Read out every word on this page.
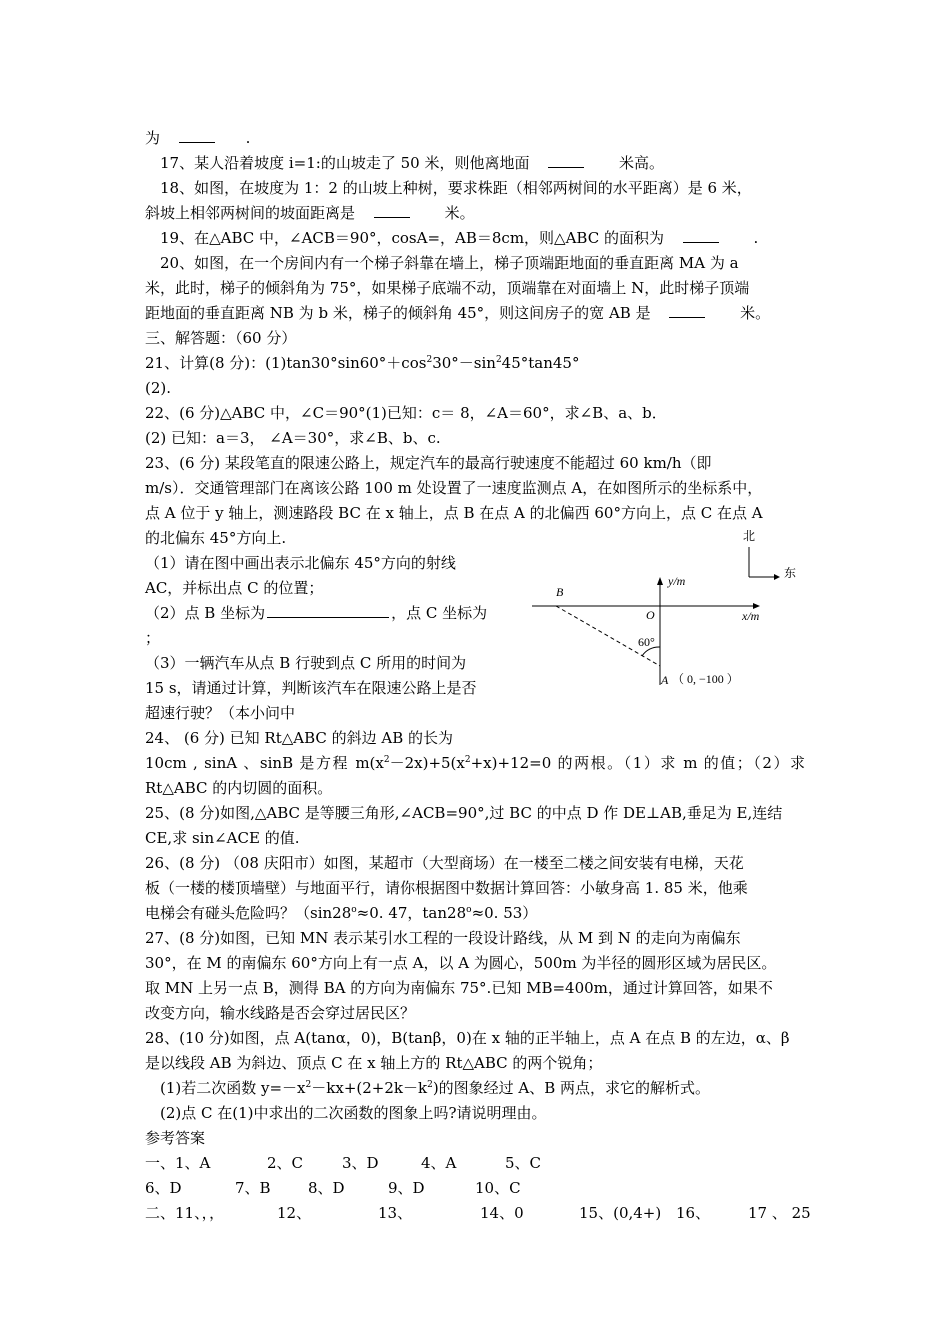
为	.
17、某人沿着坡度 i=1:的山坡走了 50 米，则他离地面	米高。
18、如图，在坡度为 1：2 的山坡上种树，要求株距（相邻两树间的水平距离）是 6 米，
斜坡上相邻两树间的坡面距离是	米。
19、在△ABC 中，∠ACB＝90°，cosA=，AB＝8cm，则△ABC 的面积为	.
20、如图，在一个房间内有一个梯子斜靠在墙上，梯子顶端距地面的垂直距离 MA 为 a
米，此时，梯子的倾斜角为 75°，如果梯子底端不动，顶端靠在对面墙上 N，此时梯子顶端
距地面的垂直距离 NB 为 b 米，梯子的倾斜角 45°，则这间房子的宽 AB 是	米。
三、解答题：（60 分）
21、计算(8 分)：$(1)\tan 30^\circ\sin 60^\circ+\cos^230^\circ-\sin^245^\circ\tan 45^\circ$
(2).
22、(6 分)△ABC 中，∠C＝90°(1)已知：c＝ 8，∠A＝60°，求∠B、a、b．
(2) 已知：a＝3， ∠A＝30°，求∠B、b、c.
23、(6 分) 某段笔直的限速公路上，规定汽车的最高行驶速度不能超过 60 km/h（即
m/s）．交通管理部门在离该公路 100 m 处设置了一速度监测点 A，在如图所示的坐标系中，
点 A 位于 y 轴上，测速路段 BC 在 x 轴上，点 B 在点 A 的北偏西 60°方向上，点 C 在点 A
的北偏东 45°方向上.
（1）请在图中画出表示北偏东 45°方向的射线
AC，并标出点 C 的位置；
（2）点 B 坐标为	，点 C 坐标为
；
（3）一辆汽车从点 B 行驶到点 C 所用的时间为
15 s，请通过计算，判断该汽车在限速公路上是否
超速行驶？（本小问中
北
东
y/m
x/m
B
O
60°
A （ 0, −100 ）
24、 (6 分) 已知 Rt△ABC 的斜边 AB 的长为
10cm , sinA 、sinB 是方程 $m(x^2-2x)+5(x^2+x)+12=0$ 的两根。（1）求 m 的值；（2）求
Rt△ABC 的内切圆的面积。
25、(8 分)如图,△ABC 是等腰三角形,∠ACB=90°,过 BC 的中点 D 作 DE⊥AB,垂足为 E,连结
CE,求 sin∠ACE 的值.
26、(8 分) （08 庆阳市）如图，某超市（大型商场）在一楼至二楼之间安装有电梯，天花
板（一楼的楼顶墙壁）与地面平行，请你根据图中数据计算回答：小敏身高 1. 85 米，他乘
电梯会有碰头危险吗？（$\sin 28^o\approx 0$. 47，$\tan 28^o\approx 0$. 53）
27、(8 分)如图，已知 MN 表示某引水工程的一段设计路线，从 M 到 N 的走向为南偏东
30°，在 M 的南偏东 60°方向上有一点 A，以 A 为圆心，500m 为半径的圆形区域为居民区。
取 MN 上另一点 B，测得 BA 的方向为南偏东 75°.已知 MB=400m，通过计算回答，如果不
改变方向，输水线路是否会穿过居民区？
28、(10 分)如图，点 A(tanα，0)，B(tanβ，0)在 x 轴的正半轴上，点 A 在点 B 的左边，α、β
是以线段 AB 为斜边、顶点 C 在 x 轴上方的 Rt△ABC 的两个锐角；
(1)若二次函数 $y=-x^2-kx+(2+2k-k^2)$的图象经过 A、B 两点，求它的解析式。
(2)点 C 在(1)中求出的二次函数的图象上吗?请说明理由。
参考答案
一、1、A	2、C	3、D	4、A	5、C
6、D	7、B 8、D	9、D	10、C
二、11、，，	12、	13、	14、0	15、(0,4+) 16、	17 、 25
